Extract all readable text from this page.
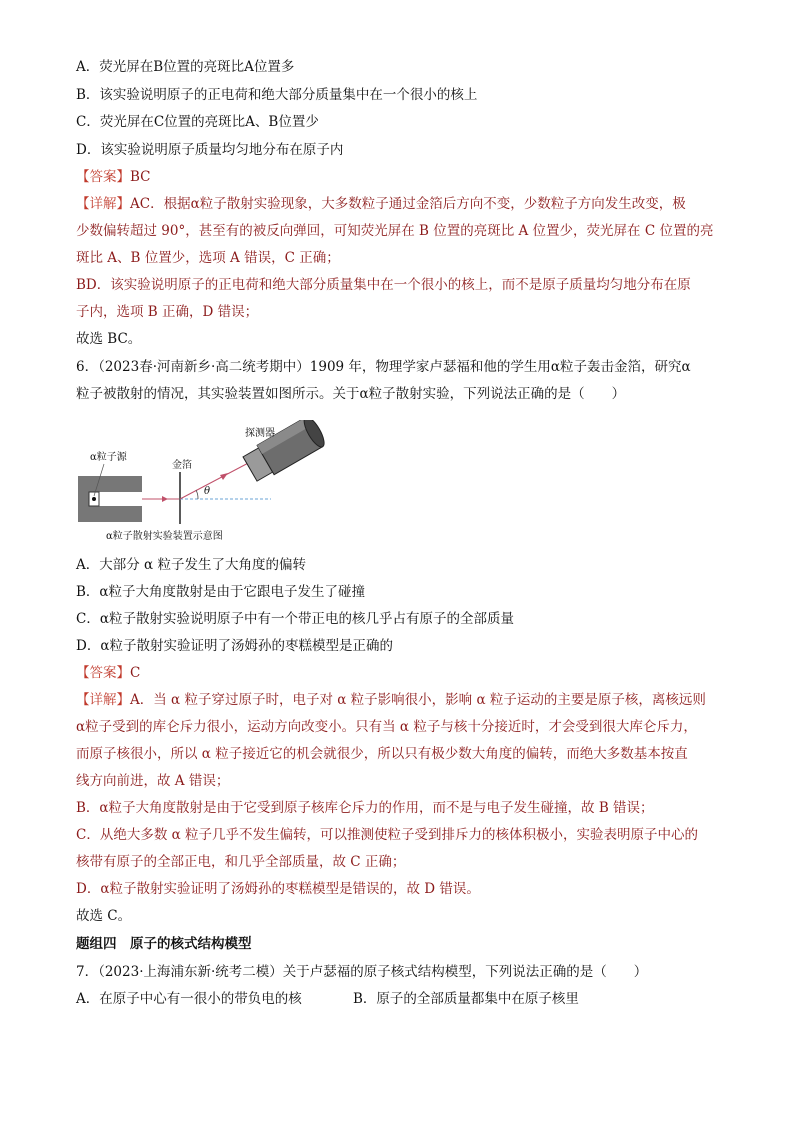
A．荧光屏在B位置的亮斑比A位置多
B．该实验说明原子的正电荷和绝大部分质量集中在一个很小的核上
C．荧光屏在C位置的亮斑比A、B位置少
D．该实验说明原子质量均匀地分布在原子内
【答案】BC
【详解】AC．根据α粒子散射实验现象，大多数粒子通过金箔后方向不变，少数粒子方向发生改变，极
少数偏转超过 90°，甚至有的被反向弹回，可知荧光屏在 B 位置的亮斑比 A 位置少，荧光屏在 C 位置的亮
斑比 A、B 位置少，选项 A 错误，C 正确；
BD．该实验说明原子的正电荷和绝大部分质量集中在一个很小的核上，而不是原子质量均匀地分布在原
子内，选项 B 正确，D 错误；
故选 BC。
6．（2023春·河南新乡·高二统考期中）1909 年，物理学家卢瑟福和他的学生用α粒子轰击金箔，研究α
粒子被散射的情况，其实验装置如图所示。关于α粒子散射实验，下列说法正确的是（　　）
α粒子源
金箔
探测器
θ
α粒子散射实验装置示意图
A．大部分 α 粒子发生了大角度的偏转
B．α粒子大角度散射是由于它跟电子发生了碰撞
C．α粒子散射实验说明原子中有一个带正电的核几乎占有原子的全部质量
D．α粒子散射实验证明了汤姆孙的枣糕模型是正确的
【答案】C
【详解】A．当 α 粒子穿过原子时，电子对 α 粒子影响很小，影响 α 粒子运动的主要是原子核，离核远则
α粒子受到的库仑斥力很小，运动方向改变小。只有当 α 粒子与核十分接近时，才会受到很大库仑斥力，
而原子核很小，所以 α 粒子接近它的机会就很少，所以只有极少数大角度的偏转，而绝大多数基本按直
线方向前进，故 A 错误；
B．α粒子大角度散射是由于它受到原子核库仑斥力的作用，而不是与电子发生碰撞，故 B 错误；
C．从绝大多数 α 粒子几乎不发生偏转，可以推测使粒子受到排斥力的核体积极小，实验表明原子中心的
核带有原子的全部正电，和几乎全部质量，故 C 正确；
D．α粒子散射实验证明了汤姆孙的枣糕模型是错误的，故 D 错误。
故选 C。
题组四　原子的核式结构模型
7．（2023·上海浦东新·统考二模）关于卢瑟福的原子核式结构模型，下列说法正确的是（　　）
A．在原子中心有一很小的带负电的核	B．原子的全部质量都集中在原子核里
